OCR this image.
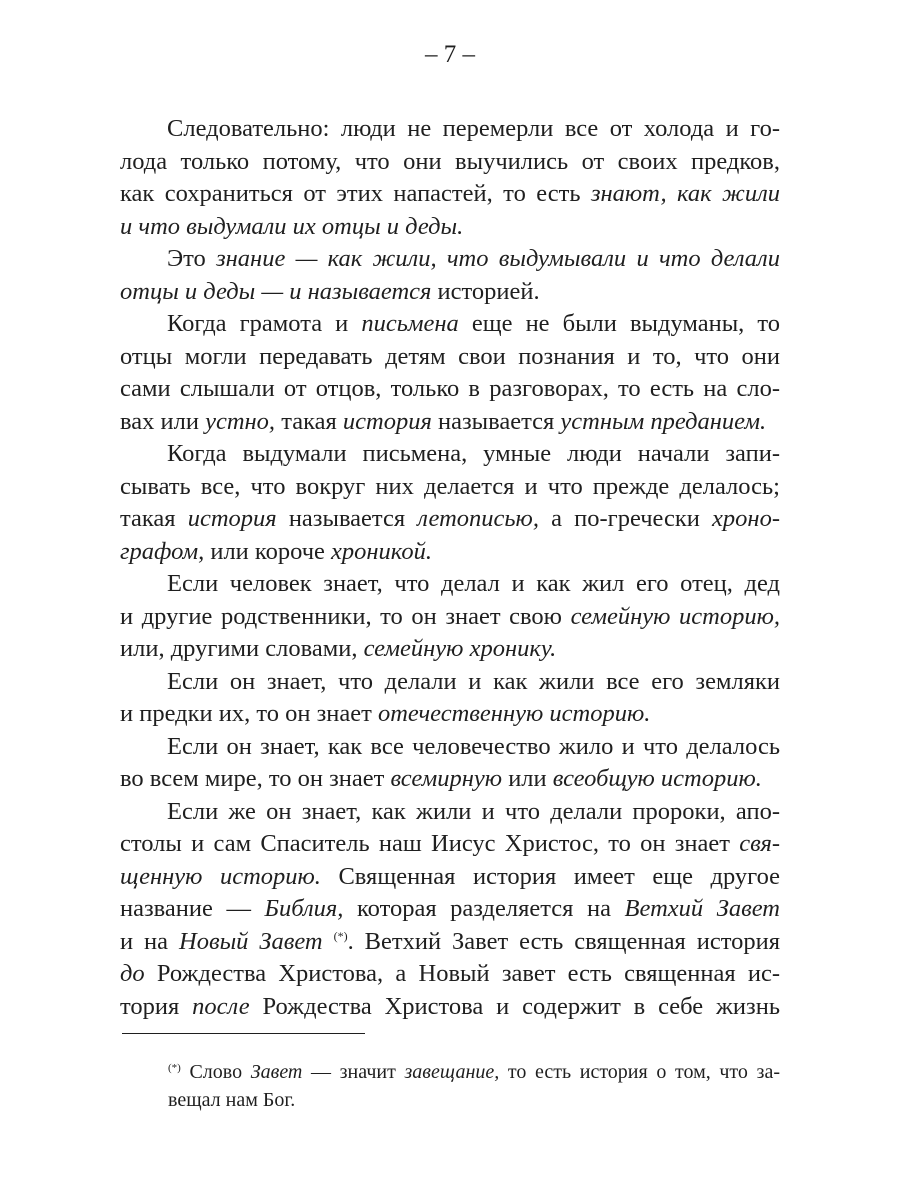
– 7 –
Следовательно: люди не перемерли все от холода и го-
лода только потому, что они выучились от своих предков,
как сохраниться от этих напастей, то есть знают, как жили
и что выдумали их отцы и деды.
Это знание — как жили, что выдумывали и что делали
отцы и деды — и называется историей.
Когда грамота и письмена еще не были выдуманы, то
отцы могли передавать детям свои познания и то, что они
сами слышали от отцов, только в разговорах, то есть на сло-
вах или устно, такая история называется устным преданием.
Когда выдумали письмена, умные люди начали запи-
сывать все, что вокруг них делается и что прежде делалось;
такая история называется летописью, а по-гречески хроно-
графом, или короче хроникой.
Если человек знает, что делал и как жил его отец, дед
и другие родственники, то он знает свою семейную историю,
или, другими словами, семейную хронику.
Если он знает, что делали и как жили все его земляки
и предки их, то он знает отечественную историю.
Если он знает, как все человечество жило и что делалось
во всем мире, то он знает всемирную или всеобщую историю.
Если же он знает, как жили и что делали пророки, апо-
столы и сам Спаситель наш Иисус Христос, то он знает свя-
щенную историю. Священная история имеет еще другое
название — Библия, которая разделяется на Ветхий Завет
и на Новый Завет (*). Ветхий Завет есть священная история
до Рождества Христова, а Новый завет есть священная ис-
тория после Рождества Христова и содержит в себе жизнь
(*) Слово Завет — значит завещание, то есть история о том, что за-
вещал нам Бог.
